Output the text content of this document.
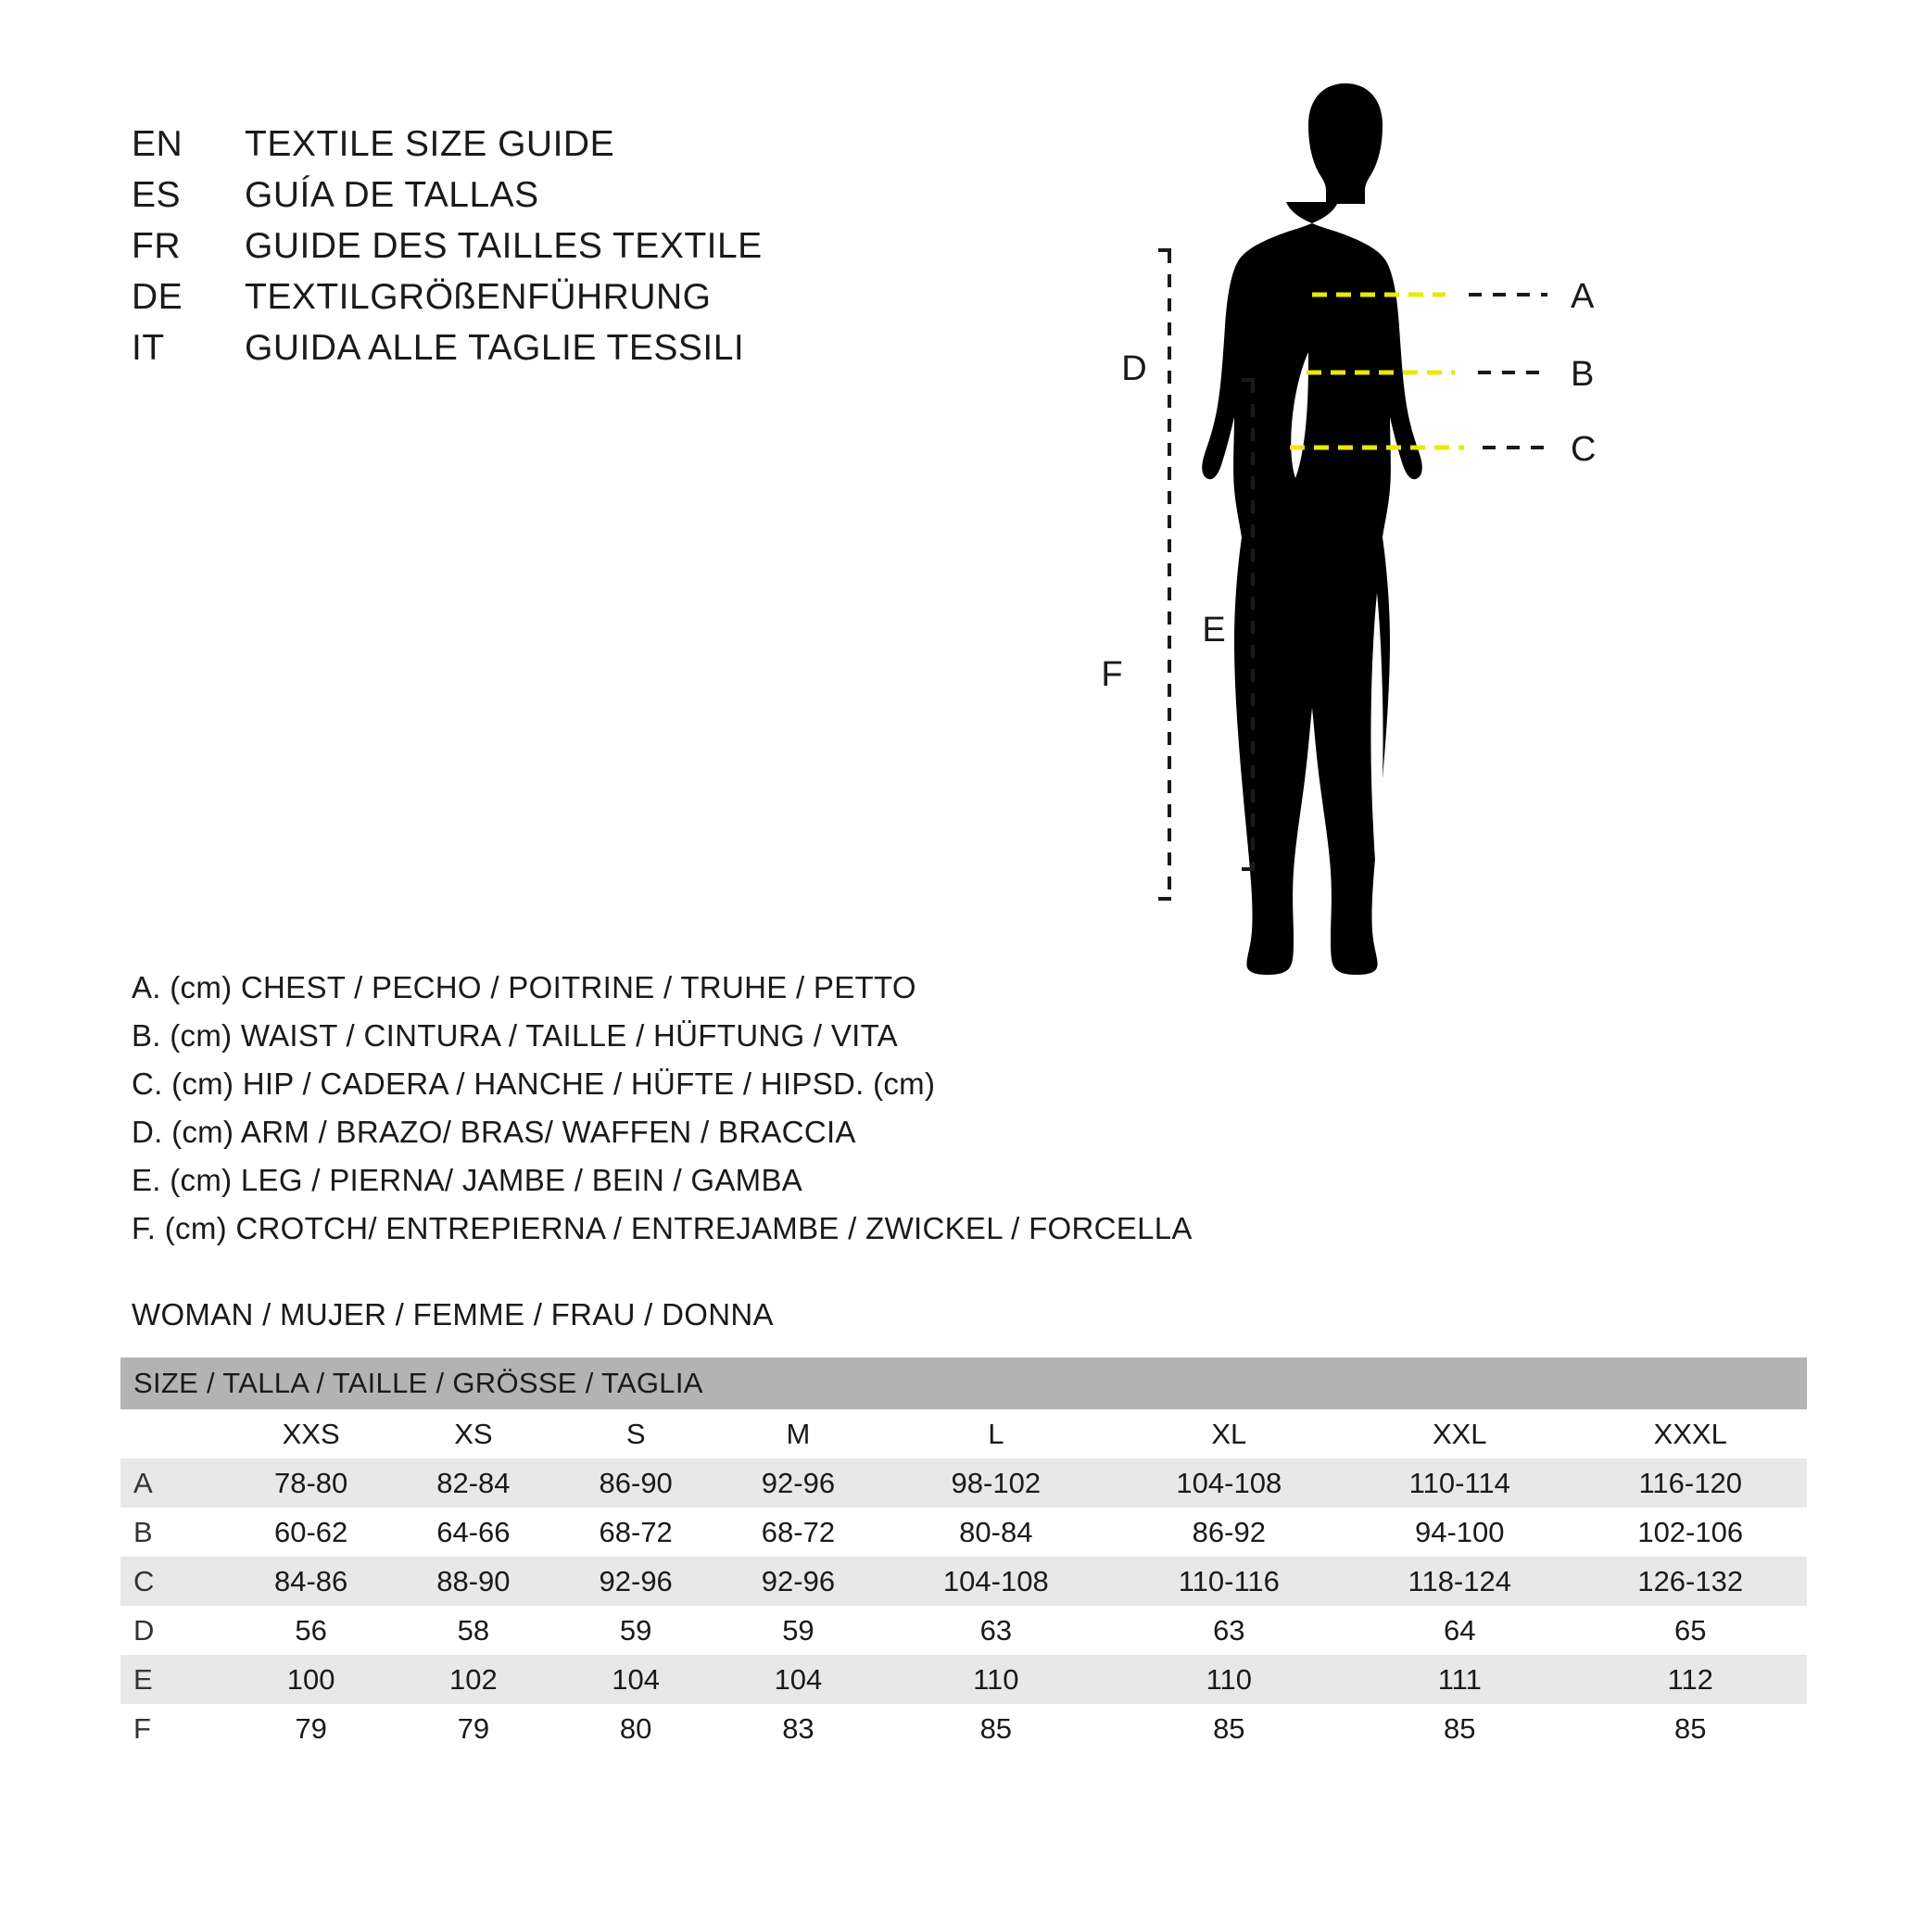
EN	TEXTILE SIZE GUIDE
ES	GUÍA DE TALLAS
FR	GUIDE DES TAILLES TEXTILE
DE	TEXTILGRÖßENFÜHRUNG
IT	GUIDA ALLE TAGLIE TESSILI
A. (cm) CHEST / PECHO / POITRINE / TRUHE / PETTO
B. (cm) WAIST / CINTURA / TAILLE / HÜFTUNG / VITA
C. (cm) HIP / CADERA / HANCHE / HÜFTE / HIPSD. (cm)
D. (cm) ARM / BRAZO/ BRAS/ WAFFEN / BRACCIA
E. (cm) LEG / PIERNA/ JAMBE / BEIN / GAMBA
F. (cm) CROTCH/ ENTREPIERNA / ENTREJAMBE / ZWICKEL / FORCELLA
WOMAN / MUJER / FEMME / FRAU / DONNA
A
B
C
F
E
D
SIZE / TALLA / TAILLE / GRÖSSE / TAGLIA								
	XXS	XS	S	M	L	XL	XXL	XXXL
A	78-80	82-84	86-90	92-96	98-102	104-108	110-114	116-120
B	60-62	64-66	68-72	68-72	80-84	86-92	94-100	102-106
C	84-86	88-90	92-96	92-96	104-108	110-116	118-124	126-132
D	56	58	59	59	63	63	64	65
E	100	102	104	104	110	110	111	112
F	79	79	80	83	85	85	85	85
